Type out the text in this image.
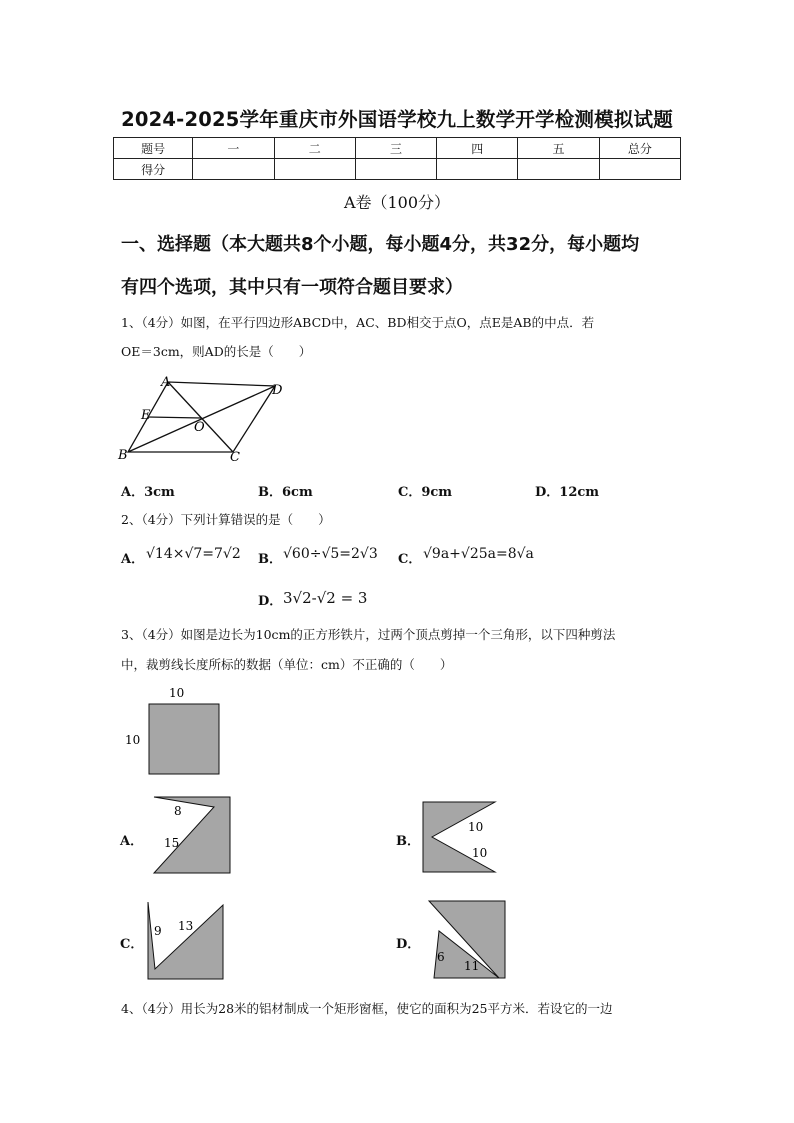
2024-2025学年重庆市外国语学校九上数学开学检测模拟试题
题号	一	二	三	四	五	总分
得分						
A卷（100分）
一、选择题（本大题共8个小题，每小题4分，共32分，每小题均
有四个选项，其中只有一项符合题目要求）
1、（4分）如图，在平行四边形ABCD中，AC、BD相交于点O，点E是AB的中点．若
OE＝3cm，则AD的长是（　　）
A
D
E
O
B	C
A．3cm	B．6cm	C．9cm	D．12cm
2、（4分）下列计算错误的是（　　）
A． √14×√7=7√2 B． √60÷√5=2√3 C． √9a+√25a=8√a
D． 3√2-√2 = 3
3、（4分）如图是边长为10cm的正方形铁片，过两个顶点剪掉一个三角形，以下四种剪法
中，裁剪线长度所标的数据（单位：cm）不正确的（　　）
10
10
A．
8
15	B．
10
10
C．
9 13
D．
6
11
4、（4分）用长为28米的铝材制成一个矩形窗框，使它的面积为25平方米．若设它的一边
